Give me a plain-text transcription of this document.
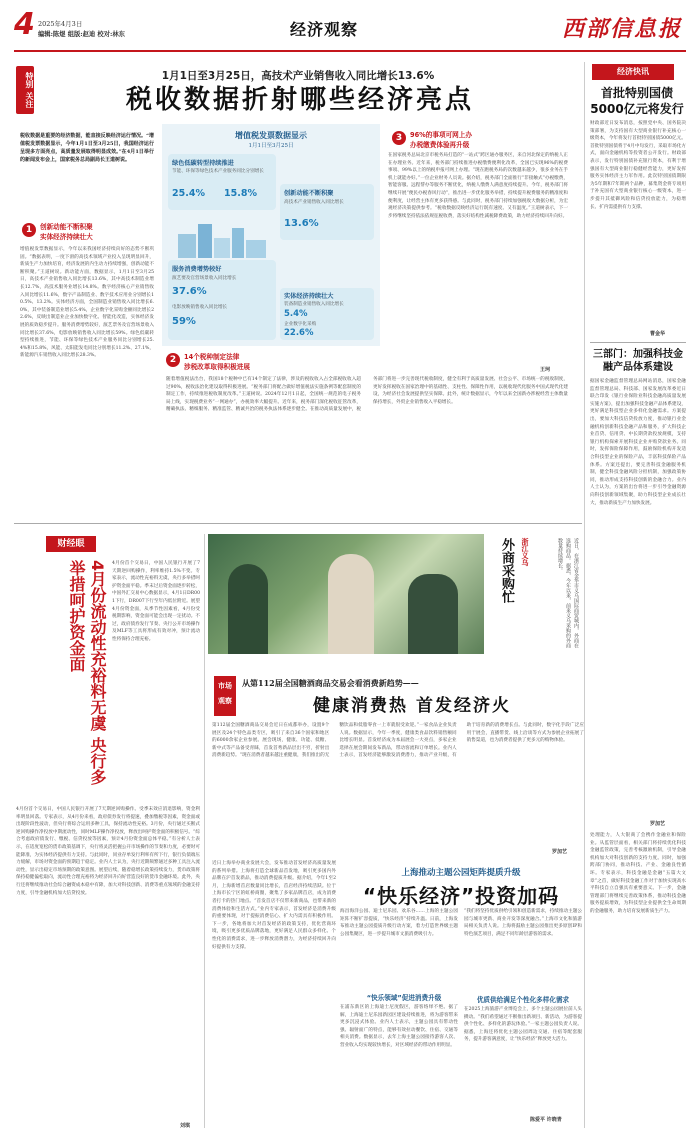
4 2025年4月3日
编辑:陈煜 组版:赵迪 校对:林东	经济观察	西部信息报
特别
关注
1月1日至3月25日，高技术产业销售收入同比增长13.6%
税收数据折射哪些经济亮点
税收数据是重要的经济数据，能直接反映经济运行情况。“增值税发票数据显示，今年1月1日至3月25日，我国经济运行呈现多方面亮点，高质量发展取得明显成效。”在4月1日举行的新闻发布会上，国家税务总局副局长王道树说。
1	创新动能不断积聚
实体经济持续壮大
增值税发票数据显示，今年以来我国经济持续向好的态势不断巩固。“数据表明，一度下滑的高技术领域产业投入呈现明显回升，新质生产力加快培育，经济发展的内生动力持续增强，创新动能不断积聚。”王道树说。新动能方面，数据显示，1月1日至3月25日，高技术产业销售收入同比增长13.6%，其中高技术制造业增长12.7%，高技术服务业增长14.8%。数字经济核心产业销售收入同比增长11.6%，数字产品制造业、数字技术应用业分别增长10.5%、13.2%。实体经济方面，全国制造业销售收入同比增长6.0%，其中装备制造业增长5.4%，企业数字化采购金额同比增长22.6%，反映出制造业企业加快数字化、智能化改造，实体经济发展的质效稳步提升。服务消费增势较好，演艺票务及官营场景收入同比增长37.6%，电影放映销售收入同比增长59%。绿色低碳转型持续推进，节能、环保等绿色技术产业服务同比分别增长25.4%和15.8%，风能、太阳能发电同比分别增长11.2%、27.1%，新能源汽车销售收入同比增长28.3%。
增值税发票数据显示
1月1日至3月25日
绿色低碳转型持续推进
节能、环保等绿色技术产业服务同比分别增长
25.4% 15.8%	创新动能不断积聚
高技术产业销售收入同比增长
13.6%
服务消费增势较好
演艺要及官营场景收入同比增长
37.6%
电影放映销售收入同比增长
59%
实体经济持续壮大
装备制造业销售收入同比增长
5.4%
企业数字化采购
22.6%
3	96%的事项可网上办
办税缴费体验再升级
在国家税务总局北京市税务局打造的“一站式”跨区通办服务区，来自河北保定的纳税人正在办理业务。近年来，税务部门持续推进办税缴费便利化改革，全国已实现96%的税费事项、99%以上的纳税申报可网上办理。“现在跑税务局的次数越来越少，很多业务在手机上就能办好。”一位企业财务人员说。据介绍，税务部门全面推行“非接触式”办税缴费，智能客服、远程帮办等服务不断优化，纳税人缴费人满意度持续提升。今年，税务部门将继续开展“便民办税春风行动”，推出进一步优化服务举措，持续提升税费服务的精准度和便利度，让经营主体有更多获得感。与此同时，税务部门持续加强税收大数据分析，为宏观经济决策提供参考。“税收数据反映经济运行既有速度、又有温度。”王道树表示，下一步将继续坚持依法依规征税收费，落实好结构性减税降费政策，助力经济持续回升向好。
王珂
2	14个税种制定法律
涉税改革取得积极进展
随着增值税法出台，我国18个税种中已有14个制定了法律，涉及的税收收入占全部税收收入超过90%，税收法治化建设取得积极进展。“税务部门将配合做好增值税法实施条例等配套制度的制定工作，持续推进税收制度改革。”王道树说。2024年12月1日起，全国统一规范的电子税务局上线，实现税费业务“一网通办”，办税效率大幅提升。近年来，税务部门深化税收征管改革，精确执法、精细服务、精准监管、精诚共治的税务执法体系逐步健全。在推动高质量发展中，税务部门将进一步完善现代税收制度，健全有利于高质量发展、社会公平、市场统一的税收制度，更好发挥税收在国家治理中的基础性、支柱性、保障性作用，以税收现代化服务中国式现代化建设，为经济社会发展提供坚实保障。此外，统计数据显示，今年以来全国新办涉税经营主体数量保持增长，外贸企业销售收入平稳增长。
财经眼
4月份流动性充裕料无虞 央行多举措呵护资金面	4月份首个交易日，中国人民银行开展了7天期逆回购操作，利率维持1.5%不变。专家表示，流动性充裕料无虞，央行多举措呵护资金面平稳。季末过后资金面逐步转松，中国外汇交易中心数据显示，4月1日DR001下行，DR007下行至年内低位附近。展望4月份资金面，从季节性因素看，4月份受税期影响，资金面可能会出现一定扰动。不过，政府债券发行节奏、央行公开市场操作及MLF等工具将形成有效对冲，预计流动性将保持合理充裕。
4月份首个交易日，中国人民银行开展了7天期逆回购操作。受季末效应消退影响，资金利率明显回落。专家表示，从4月份来看，政府债券发行将提速，叠加缴税等因素，资金面或出现阶段性波动，但央行将综合运用多种工具，保持流动性充裕。3月份，央行通过买断式逆回购操作净投放中期流动性，同时MLF操作净投放，释放出呵护资金面的积极信号。“综合考虑政府债发行、缴税、信贷投放等因素，预计4月份资金面总体平稳。”有分析人士表示，在适度宽松的货币政策基调下，央行将灵活把握公开市场操作的节奏和力度，必要时可能降准，为实体经济提供有力支持。与此同时，同业存单发行利率有所下行，银行负债端压力缓解，市场对资金面的预期趋于稳定。业内人士认为，央行近期频繁通过多种工具注入流动性，显示出稳定市场预期的政策意图。展望后续，随着稳增长政策持续发力，货币政策将保持稳健偏松取向，流动性合理充裕将为经济回升向好营造良好的货币金融环境。此外，央行还将继续推动社会综合融资成本稳中有降，加大对科技创新、消费等重点领域的金融支持力度，引导金融机构加大信贷投放。
刘琪
外商采购忙	浙江义乌	近日，在浙江省金华市义乌国际商贸城内，外商在选购商品。据悉，今年以来，前来义乌采购的外商数量持续增长。
市场
观察
从第112届全国糖酒商品交易会看消费新趋势——
健康消费热 首发经济火
第112届全国糖酒商品交易会近日在成都举办，设置9个展区及24个特色品类专区，吸引了来自36个国家和地区的6000余家企业参展。展会现场，健康、功能、低糖、新中式等产品备受青睐，首发首秀新品层出不穷，折射出消费新趋势。“现在消费者越来越注重健康，我们推出的无糖饮品和低脂零食一上市就很受欢迎。”一家食品企业负责人说。数据显示，今年一季度，健康类食品饮料销售额同比增长明显。首发经济成为本届展会一大亮点，多家企业选择在展会期间发布新品，带动客流和订单增长。业内人士表示，首发经济能够激发消费潜力，推动产业升级，有助于培育新的消费增长点。与此同时，数字化手段广泛应用于展会，直播带货、线上洽谈等方式为参展企业拓展了销售渠道，也为消费者提供了更多元的购物体验。
近日上海举办商业发展大会，发布推动首发经济高质量发展的系列举措。上海将打造全球新品首发地，吸引更多国内外品牌在沪首发新品，推动消费提质升级。据介绍，今年1至2月，上海新增首店数量同比增长，首店经济持续活跃。位于上海市长宁区的虹桥商圈，聚集了多家品牌首店，成为消费者打卡的热门地点。“首发首店不仅带来新商品，也带来新的消费体验和生活方式。”业内专家表示，首发经济是消费升级的重要体现，对于提振消费信心、扩大内需具有积极作用。下一步，各地将加大对首发经济的政策支持，优化营商环境，吸引更多优质品牌落地，更好满足人民群众多样化、个性化的消费需求，进一步释放消费潜力，为经济持续回升向好提供有力支撑。
罗加艺
上海推动主题公园矩阵提质升级
“快乐经济”投资加码
海昌海洋公园、迪士尼乐园、欢乐谷……上海的主题公园矩阵不断扩容提质，“快乐经济”持续升温。日前，上海发布推动主题公园提质升级行动方案，着力打造世界级主题公园集聚区，进一步提升城市文旅消费吸引力。
“快乐领域”促进消费升级
在浦东新区的上海迪士尼度假区，游客络绎不绝。据了解，上海迪士尼乐园新园区建设持续推进，将为游客带来更多沉浸式体验。业内人士表示，主题公园具有带动性强、辐射面广的特点，能够有效拉动餐饮、住宿、交通等相关消费。数据显示，去年上海主题公园接待游客人次、营业收入均实现较快增长，对区域经济的带动作用明显。
“我们将坚持优质供给引领和创造新需求，持续推动主题公园与城市更新、商业开发等深度融合。”上海市文化和旅游局相关负责人说。上海将鼓励主题公园推出更多原创IP和特色演艺项目，满足不同年龄层游客的需求。
优质供给满足个性化多样化需求
在2025上海旅游产业博览会上，多个主题公园展位前人头攒动。“我们希望通过不断推出新项目、新活动，为游客提供个性化、多样化的游玩体验。”一家主题公园负责人说。据悉，上海还将优化主题公园周边交通、住宿等配套服务，提升游客满意度，让“快乐经济”释放更大活力。
陈爱平 许晓青
经济快讯
首批特别国债
5000亿元将发行
财政部近日发布消息，按照党中央、国务院决策部署，为支持国有大型商业银行补充核心一级资本，今年将发行首批特别国债5000亿元。首批特别国债将于4月中旬发行，采取市场化方式，面向金融机构等投资者公开发行。财政部表示，发行特别国债补充银行资本，有利于增强国有大型商业银行稳健经营能力，更好发挥服务实体经济主力军作用。此次特别国债期限为5年期和7年期两个品种，募集资金将专项用于补充国有大型商业银行核心一级资本，进一步提升其抵御风险和信贷投放能力，为稳增长、扩内需提供有力支撑。
曹金华
三部门：加强科技金融产品体系建设
据国家金融监督管理总局网站消息，国家金融监督管理总局、科技部、国家发展改革委近日联合印发《银行业保险业科技金融高质量发展实施方案》，提出加强科技金融产品体系建设，更好满足科技型企业多样化金融需求。方案提出，要加大科技信贷投放力度，推动银行业金融机构创新科技金融产品和服务，扩大科技企业首贷、信用贷、中长期贷款投放规模，支持银行机构探索开展科技企业并购贷款业务。同时，发挥保险保障作用，鼓励保险机构开发适合科技型企业的保险产品，丰富科技保险产品体系。方案还提出，要完善科技金融服务机制，健全科技金融风险分担机制，加强政策协同，推动形成支持科技创新的金融合力。业内人士认为，方案的出台将进一步引导金融资源向科技创新领域集聚，助力科技型企业成长壮大，推动新质生产力加快发展。
罗加艺
处理能力，人大银商了会携作金融业和保险业。从监管层面看，相关部门将持续优化科技金融监管政策，完善考核激励机制，引导金融机构加大对科技创新的支持力度。同时，加强跨部门协同，推动科技、产业、金融良性循环。专家表示，科技金融是金融“五篇大文章”之首，做好科技金融工作对于加快实现高水平科技自立自强具有重要意义。下一步，金融管理部门将继续完善政策体系，推动科技金融服务提质增效，为科技型企业提供全生命周期的金融服务，助力培育发展新质生产力。
